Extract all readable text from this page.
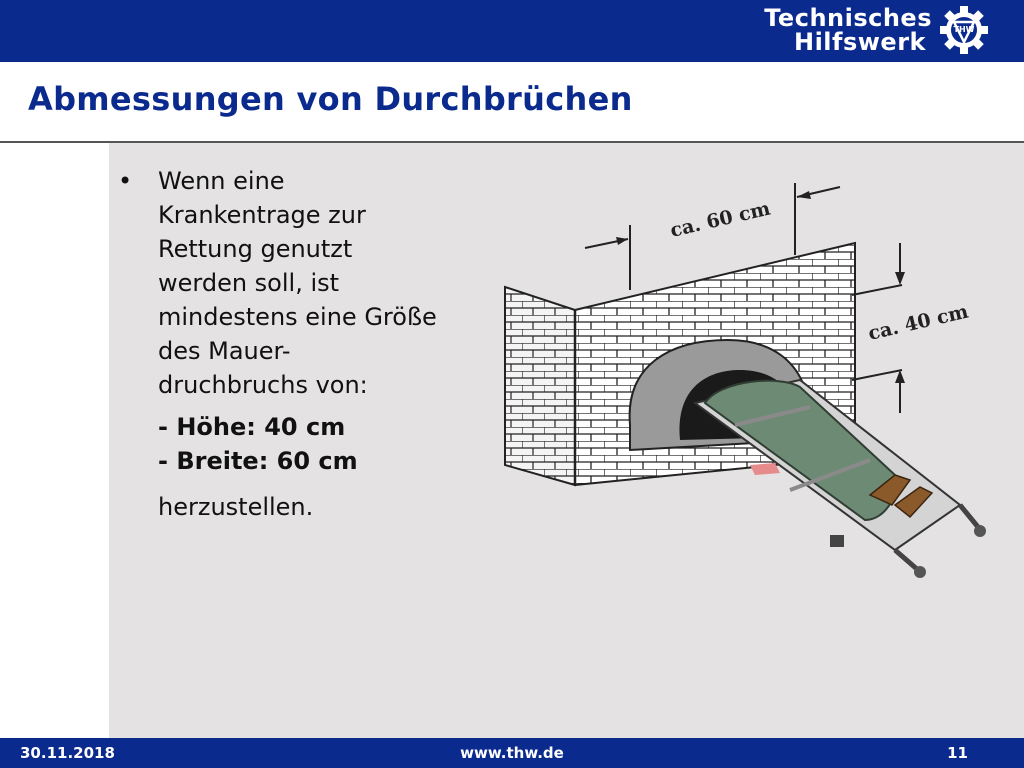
Technisches
Hilfswerk	THW
Abmessungen von Durchbrüchen
•	Wenn eine Krankentrage zur Rettung genutzt werden soll, ist mindestens eine Größe des Mauer-druchbruchs von:
- Höhe: 40 cm
- Breite: 60 cm
herzustellen.
ca. 60 cm
ca. 40 cm
30.11.2018	www.thw.de	11
